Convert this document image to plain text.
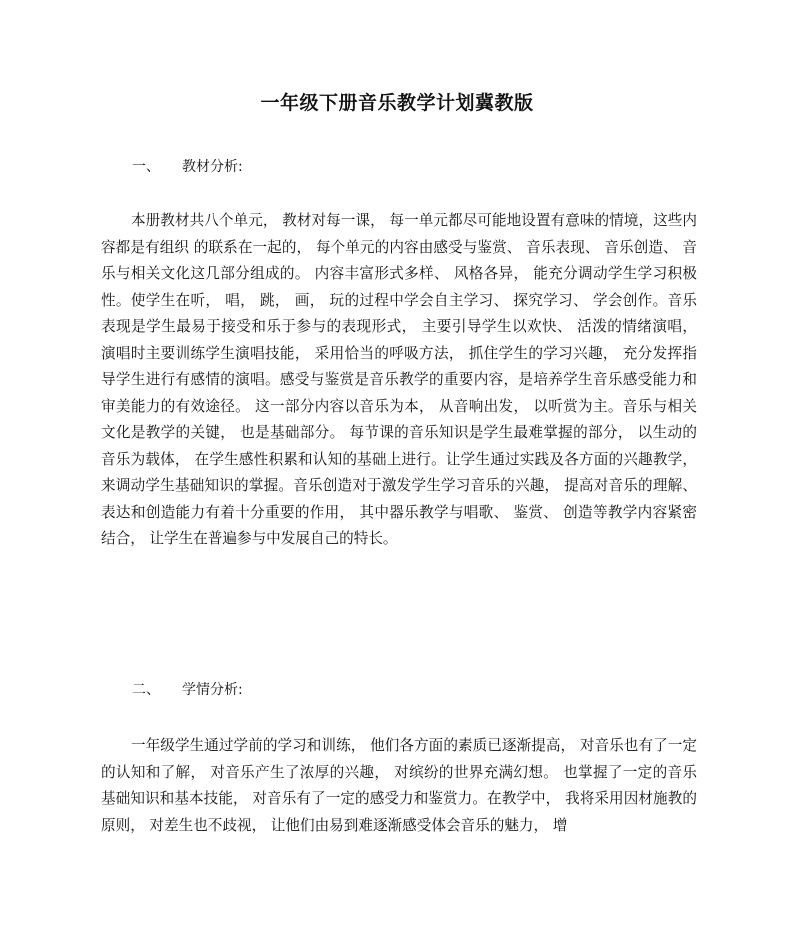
一年级下册音乐教学计划冀教版
一、 教材分析:

本册教材共八个单元， 教材对每一课， 每一单元都尽可能地设置有意味的情境，这些内容都是有组织 的联系在一起的， 每个单元的内容由感受与鉴赏、 音乐表现、 音乐创造、 音乐与相关文化这几部分组成的。 内容丰富形式多样、 风格各异， 能充分调动学生学习积极性。使学生在听， 唱， 跳， 画， 玩的过程中学会自主学习、 探究学习、 学会创作。音乐表现是学生最易于接受和乐于参与的表现形式， 主要引导学生以欢快、 活泼的情绪演唱， 演唱时主要训练学生演唱技能， 采用恰当的呼吸方法， 抓住学生的学习兴趣， 充分发挥指导学生进行有感情的演唱。感受与鉴赏是音乐教学的重要内容，是培养学生音乐感受能力和审美能力的有效途径。 这一部分内容以音乐为本， 从音响出发， 以听赏为主。音乐与相关文化是教学的关键， 也是基础部分。 每节课的音乐知识是学生最难掌握的部分， 以生动的音乐为载体， 在学生感性积累和认知的基础上进行。让学生通过实践及各方面的兴趣教学， 来调动学生基础知识的掌握。音乐创造对于激发学生学习音乐的兴趣， 提高对音乐的理解、 表达和创造能力有着十分重要的作用， 其中器乐教学与唱歌、 鉴赏、 创造等教学内容紧密结合， 让学生在普遍参与中发展自己的特长。

二、 学情分析:

一年级学生通过学前的学习和训练， 他们各方面的素质已逐渐提高， 对音乐也有了一定的认知和了解， 对音乐产生了浓厚的兴趣， 对缤纷的世界充满幻想。 也掌握了一定的音乐基础知识和基本技能， 对音乐有了一定的感受力和鉴赏力。在教学中， 我将采用因材施教的原则， 对差生也不歧视， 让他们由易到难逐渐感受体会音乐的魅力， 增
